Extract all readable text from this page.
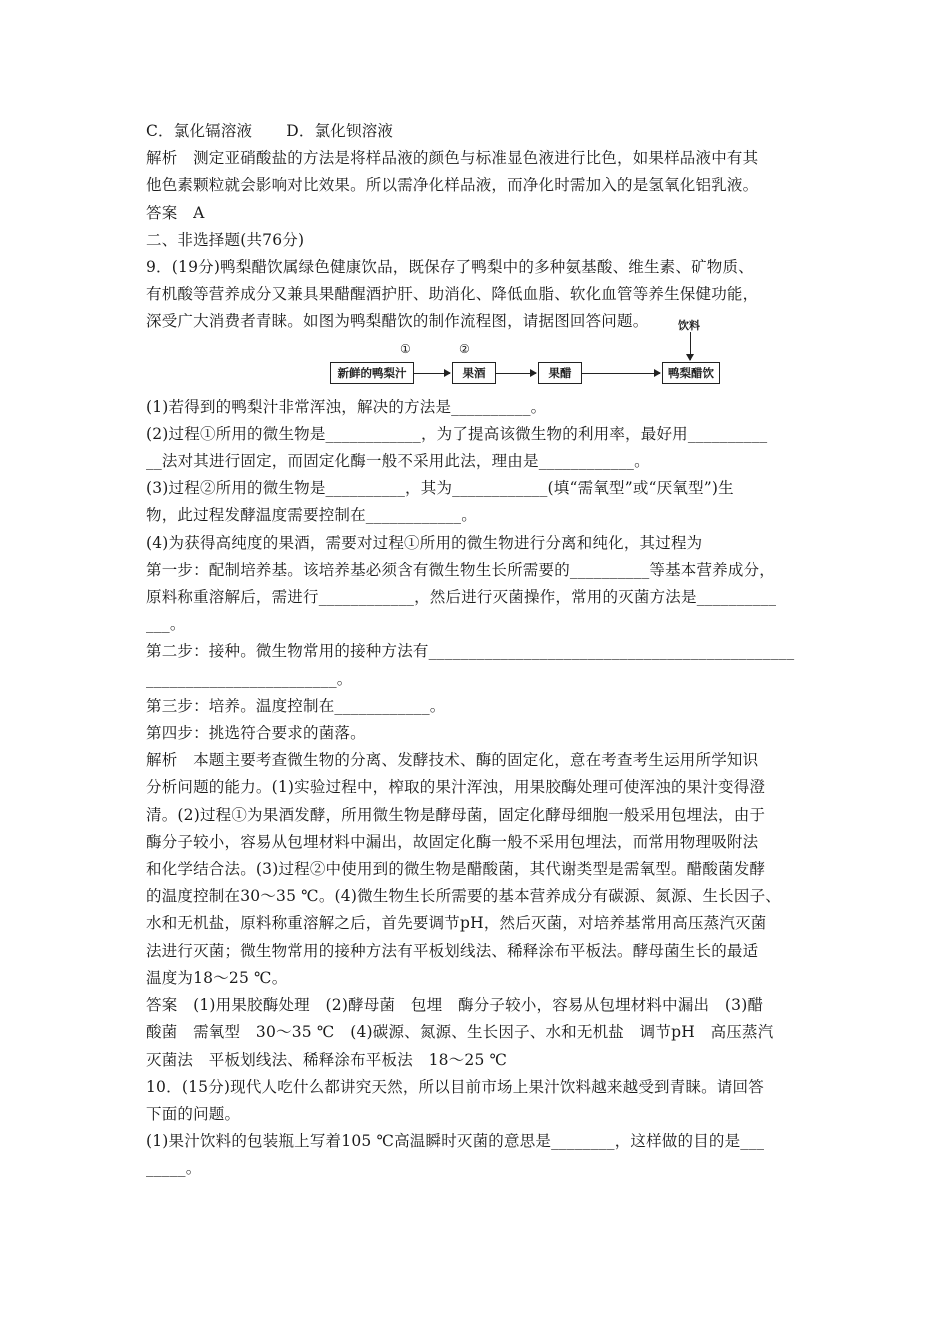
C．氯化镉溶液 D．氯化钡溶液
解析　测定亚硝酸盐的方法是将样品液的颜色与标准显色液进行比色，如果样品液中有其
他色素颗粒就会影响对比效果。所以需净化样品液，而净化时需加入的是氢氧化铝乳液。
答案　A
二、非选择题(共76分)
9．(19分)鸭梨醋饮属绿色健康饮品，既保存了鸭梨中的多种氨基酸、维生素、矿物质、
有机酸等营养成分又兼具果醋醒酒护肝、助消化、降低血脂、软化血管等养生保健功能，
深受广大消费者青睐。如图为鸭梨醋饮的制作流程图，请据图回答问题。
新鲜的鸭梨汁
①
果酒
②
果醋	鸭梨醋饮
饮料
(1)若得到的鸭梨汁非常浑浊，解决的方法是__________。
(2)过程①所用的微生物是____________，为了提高该微生物的利用率，最好用__________
__法对其进行固定，而固定化酶一般不采用此法，理由是____________。
(3)过程②所用的微生物是__________，其为____________(填“需氧型”或“厌氧型”)生
物，此过程发酵温度需要控制在____________。
(4)为获得高纯度的果酒，需要对过程①所用的微生物进行分离和纯化，其过程为
第一步：配制培养基。该培养基必须含有微生物生长所需要的__________等基本营养成分，
原料称重溶解后，需进行____________，然后进行灭菌操作，常用的灭菌方法是__________
___。
第二步：接种。微生物常用的接种方法有______________________________________________
________________________。
第三步：培养。温度控制在____________。
第四步：挑选符合要求的菌落。
解析　本题主要考查微生物的分离、发酵技术、酶的固定化，意在考查考生运用所学知识
分析问题的能力。(1)实验过程中，榨取的果汁浑浊，用果胶酶处理可使浑浊的果汁变得澄
清。(2)过程①为果酒发酵，所用微生物是酵母菌，固定化酵母细胞一般采用包埋法，由于
酶分子较小，容易从包埋材料中漏出，故固定化酶一般不采用包埋法，而常用物理吸附法
和化学结合法。(3)过程②中使用到的微生物是醋酸菌，其代谢类型是需氧型。醋酸菌发酵
的温度控制在30～35 ℃。(4)微生物生长所需要的基本营养成分有碳源、氮源、生长因子、
水和无机盐，原料称重溶解之后，首先要调节pH，然后灭菌，对培养基常用高压蒸汽灭菌
法进行灭菌；微生物常用的接种方法有平板划线法、稀释涂布平板法。酵母菌生长的最适
温度为18～25 ℃。
答案　(1)用果胶酶处理　(2)酵母菌　包埋　酶分子较小，容易从包埋材料中漏出　(3)醋
酸菌　需氧型　30～35 ℃　(4)碳源、氮源、生长因子、水和无机盐　调节pH　高压蒸汽
灭菌法　平板划线法、稀释涂布平板法　18～25 ℃
10．(15分)现代人吃什么都讲究天然，所以目前市场上果汁饮料越来越受到青睐。请回答
下面的问题。
(1)果汁饮料的包装瓶上写着105 ℃高温瞬时灭菌的意思是________，这样做的目的是___
_____。
